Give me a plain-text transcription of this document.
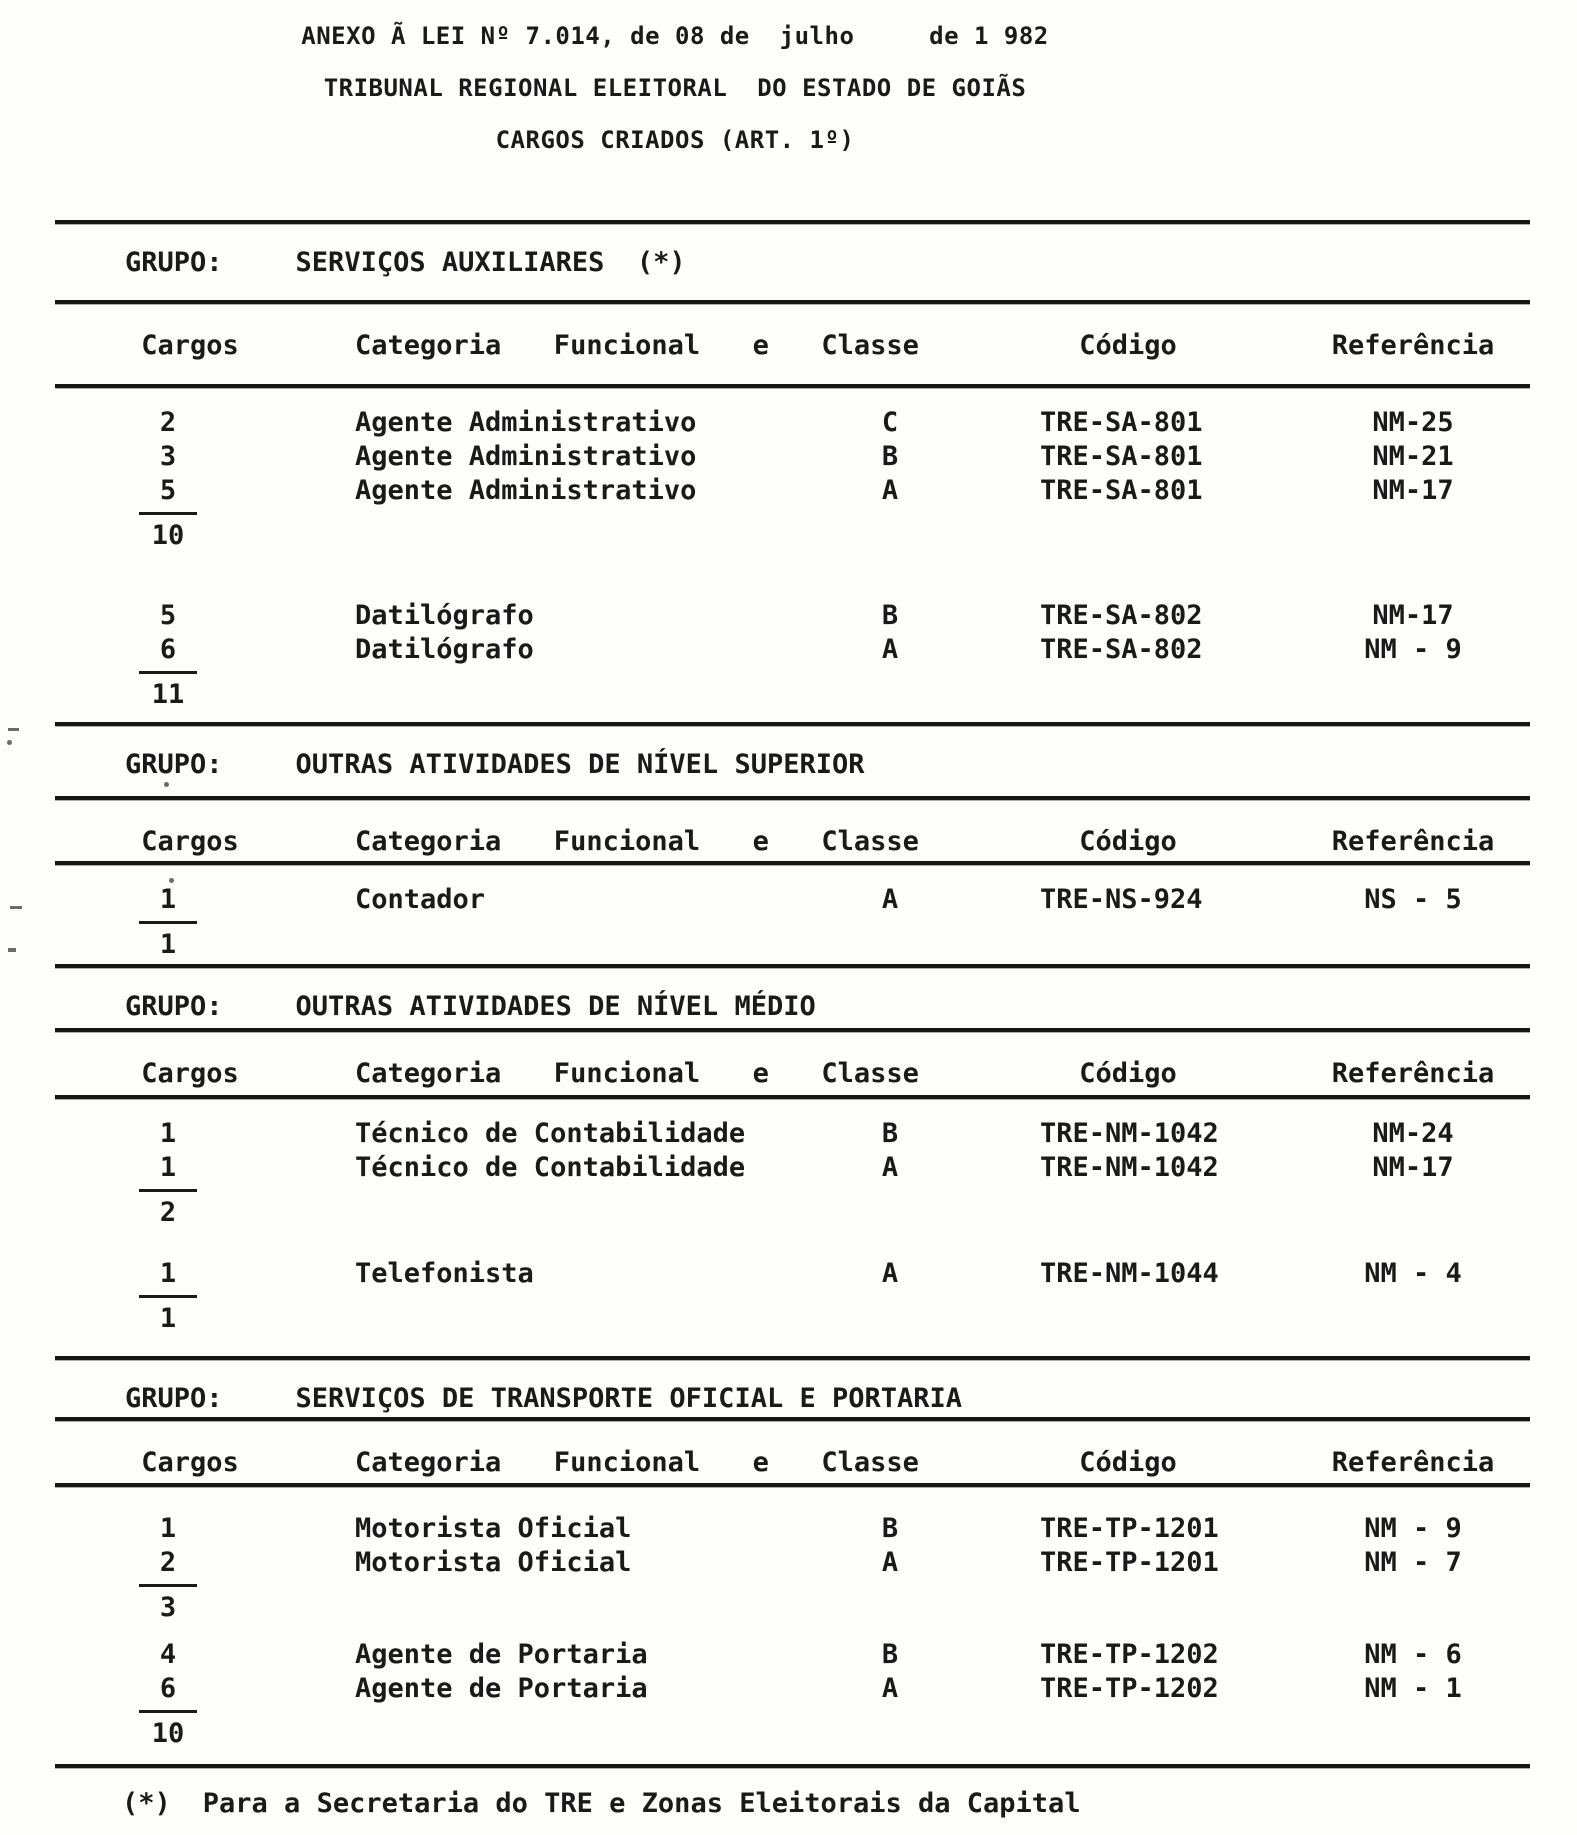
ANEXO Ã LEI Nº 7.014, de 08 de  julho     de 1 982
TRIBUNAL REGIONAL ELEITORAL  DO ESTADO DE GOIÃS
CARGOS CRIADOS (ART. 1º)
GRUPO:	SERVIÇOS AUXILIARES  (*)
Cargos	Categoria  Funcional  e  Classe	Código	Referência
2	Agente Administrativo	C	TRE-SA-801	NM-25
3	Agente Administrativo	B	TRE-SA-801	NM-21
5	Agente Administrativo	A	TRE-SA-801	NM-17
10
5	Datilógrafo	B	TRE-SA-802	NM-17
6	Datilógrafo	A	TRE-SA-802	NM - 9
11
GRUPO:	OUTRAS ATIVIDADES DE NÍVEL SUPERIOR
Cargos	Categoria  Funcional  e  Classe	Código	Referência
1	Contador	A	TRE-NS-924	NS - 5
1
GRUPO:	OUTRAS ATIVIDADES DE NÍVEL MÉDIO
Cargos	Categoria  Funcional  e  Classe	Código	Referência
1	Técnico de Contabilidade	B	TRE-NM-1042	NM-24
1	Técnico de Contabilidade	A	TRE-NM-1042	NM-17
2
1	Telefonista	A	TRE-NM-1044	NM - 4
1
GRUPO:	SERVIÇOS DE TRANSPORTE OFICIAL E PORTARIA
Cargos	Categoria  Funcional  e  Classe	Código	Referência
1	Motorista Oficial	B	TRE-TP-1201	NM - 9
2	Motorista Oficial	A	TRE-TP-1201	NM - 7
3
4	Agente de Portaria	B	TRE-TP-1202	NM - 6
6	Agente de Portaria	A	TRE-TP-1202	NM - 1
10
(*) Para a Secretaria do TRE e Zonas Eleitorais da Capital
